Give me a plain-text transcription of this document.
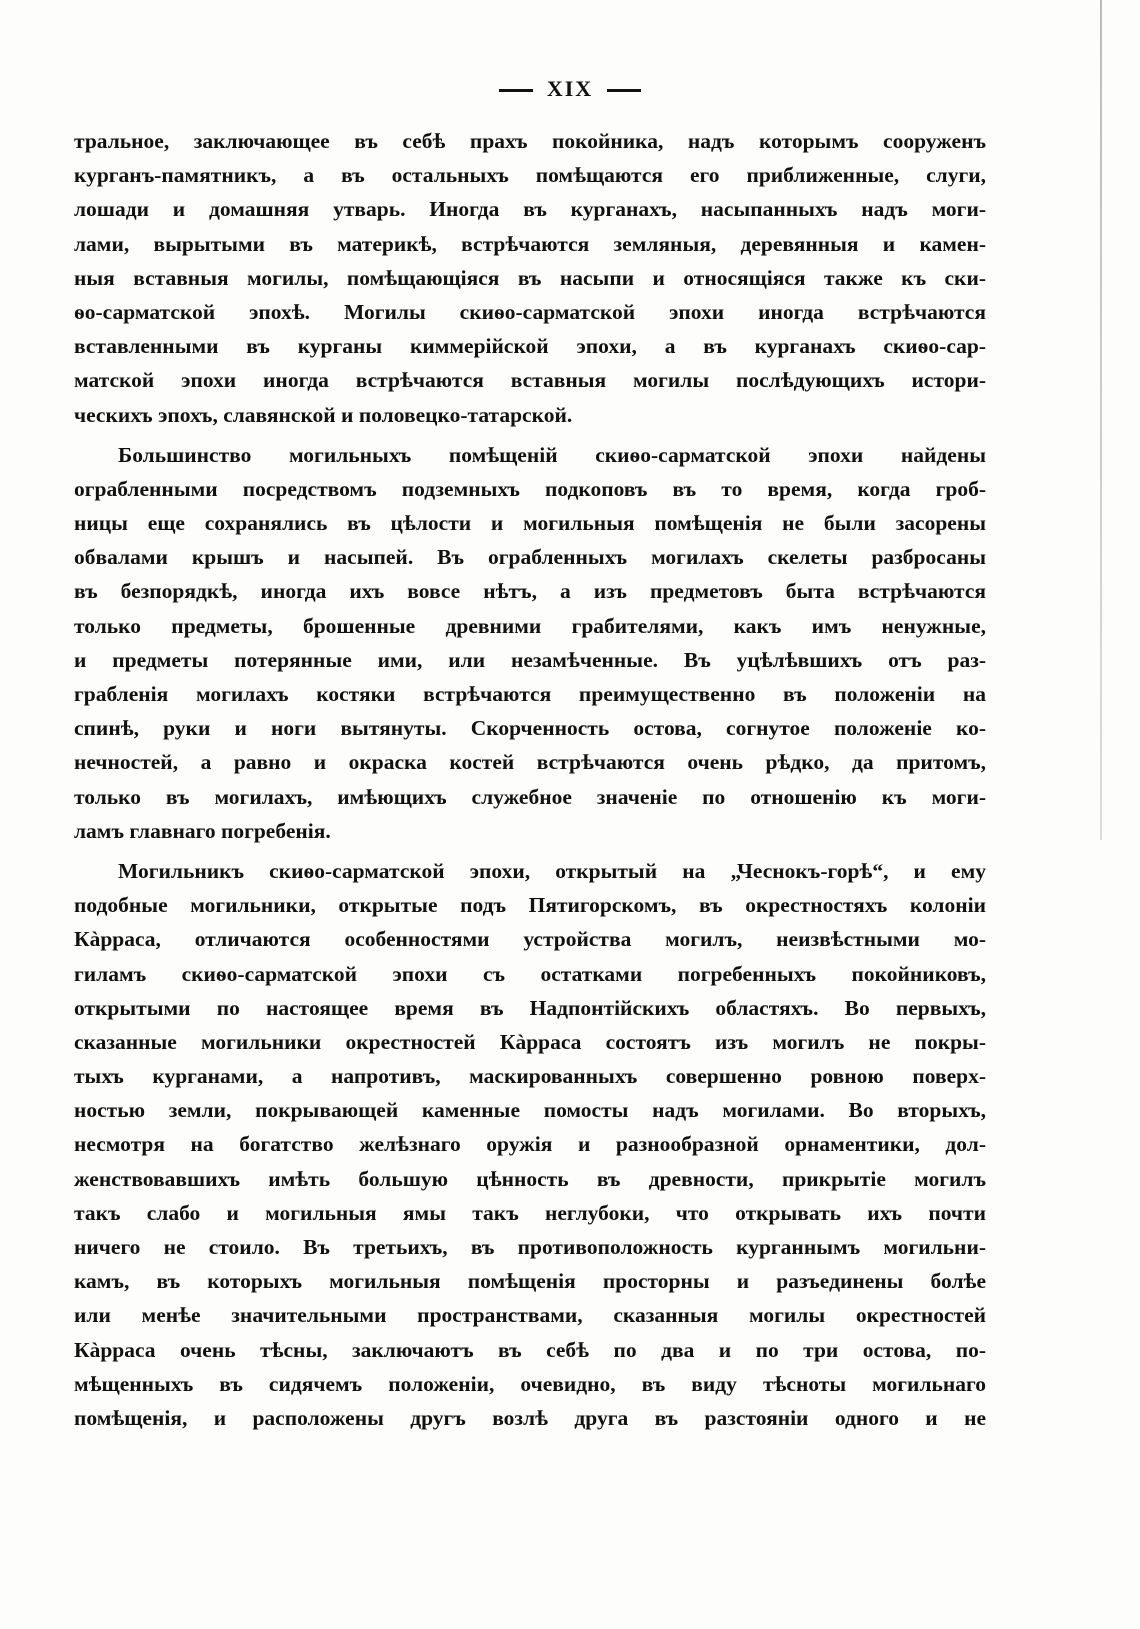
XIX
тральное, заключающее въ себѣ прахъ покойника, надъ которымъ сооруженъ
курганъ-памятникъ, а въ остальныхъ помѣщаются его приближенные, слуги,
лошади и домашняя утварь. Иногда въ курганахъ, насыпанныхъ надъ моги-
лами, вырытыми въ материкѣ, встрѣчаются земляныя, деревянныя и камен-
ныя вставныя могилы, помѣщающіяся въ насыпи и относящіяся также къ ски-
ѳо-сарматской эпохѣ. Могилы скиѳо-сарматской эпохи иногда встрѣчаются
вставленными въ курганы киммерійской эпохи, а въ курганахъ скиѳо-сар-
матской эпохи иногда встрѣчаются вставныя могилы послѣдующихъ истори-
ческихъ эпохъ, славянской и половецко-татарской.
Большинство могильныхъ помѣщеній скиѳо-сарматской эпохи найдены
ограбленными посредствомъ подземныхъ подкоповъ въ то время, когда гроб-
ницы еще сохранялись въ цѣлости и могильныя помѣщенія не были засорены
обвалами крышъ и насыпей. Въ ограбленныхъ могилахъ скелеты разбросаны
въ безпорядкѣ, иногда ихъ вовсе нѣтъ, а изъ предметовъ быта встрѣчаются
только предметы, брошенные древними грабителями, какъ имъ ненужные,
и предметы потерянные ими, или незамѣченные. Въ уцѣлѣвшихъ отъ раз-
грабленія могилахъ костяки встрѣчаются преимущественно въ положеніи на
спинѣ, руки и ноги вытянуты. Скорченность остова, согнутое положеніе ко-
нечностей, а равно и окраска костей встрѣчаются очень рѣдко, да притомъ,
только въ могилахъ, имѣющихъ служебное значеніе по отношенію къ моги-
ламъ главнаго погребенія.
Могильникъ скиѳо-сарматской эпохи, открытый на „Чеснокъ-горѣ“, и ему
подобные могильники, открытые подъ Пятигорскомъ, въ окрестностяхъ колоніи
Кàрраса, отличаются особенностями устройства могилъ, неизвѣстными мо-
гиламъ скиѳо-сарматской эпохи съ остатками погребенныхъ покойниковъ,
открытыми по настоящее время въ Надпонтійскихъ областяхъ. Во первыхъ,
сказанные могильники окрестностей Кàрраса состоятъ изъ могилъ не покры-
тыхъ курганами, а напротивъ, маскированныхъ совершенно ровною поверх-
ностью земли, покрывающей каменные помосты надъ могилами. Во вторыхъ,
несмотря на богатство желѣзнаго оружія и разнообразной орнаментики, дол-
женствовавшихъ имѣть большую цѣнность въ древности, прикрытіе могилъ
такъ слабо и могильныя ямы такъ неглубоки, что открывать ихъ почти
ничего не стоило. Въ третьихъ, въ противоположность курганнымъ могильни-
камъ, въ которыхъ могильныя помѣщенія просторны и разъединены болѣе
или менѣе значительными пространствами, сказанныя могилы окрестностей
Кàрраса очень тѣсны, заключаютъ въ себѣ по два и по три остова, по-
мѣщенныхъ въ сидячемъ положеніи, очевидно, въ виду тѣсноты могильнаго
помѣщенія, и расположены другъ возлѣ друга въ разстояніи одного и не
